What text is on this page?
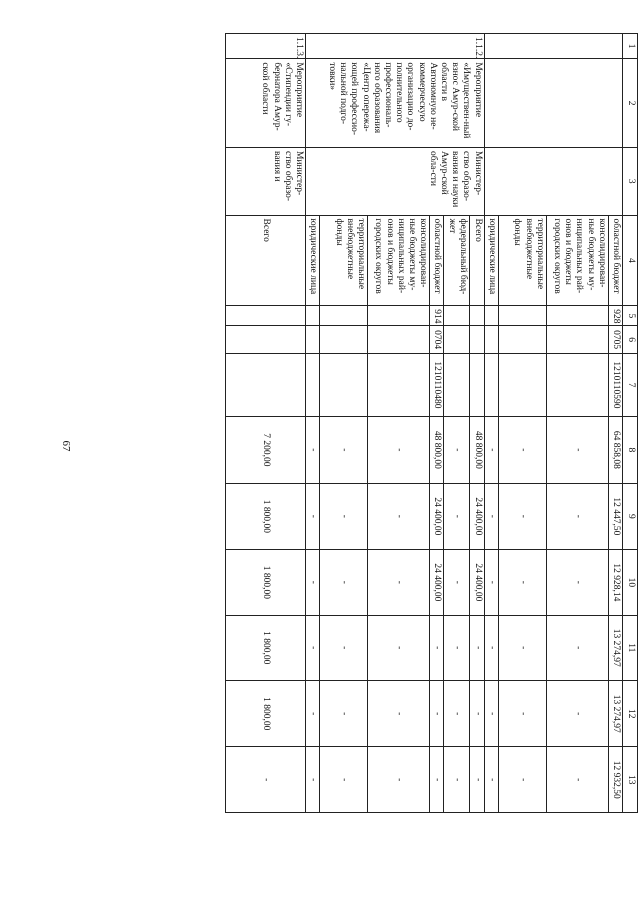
67
1	2	3	4	5	6	7	8	9	10	11	12	13
			областной бюджет	928	0705	1210110590	64 858,08	12 447,50	12 928,14	13 274,97	13 274,97	12 932,50
			консолидирован-ные бюджеты му-ниципальных рай-онов и бюджеты городских округов				-	-	-	-	-	-
			территориальные внебюджетные фонды				-	-	-	-	-	-
			юридические лица				-	-	-	-	-	-
1.1.2.	Мероприятие «Имуществен-ный взнос Амур-ской области в Автономную не-коммерческую организацию до-полнительного профессиональ-ного образования «Центр опережа-ющей профессио-нальной подго-товки»	Министер-ство образо-вания и науки Амур-ской обла-сти	Всего				48 800,00	24 400,00	24 400,00	-	-	-
			федеральный бюд-жет				-	-	-	-	-	-
			областной бюджет	914	0704	1210110480	48 800,00	24 400,00	24 400,00	-	-	-
			консолидирован-ные бюджеты му-ниципальных рай-онов и бюджеты городских округов				-	-	-	-	-	-
			территориальные внебюджетные фонды				-	-	-	-	-	-
			юридические лица				-	-	-	-	-	-
1.1.3.	Мероприятие «Стипендии гу-бернатора Амур-ской области	Министер-ство образо-вания и	Всего				7 200,00	1 800,00	1 800,00	1 800,00	1 800,00	-
